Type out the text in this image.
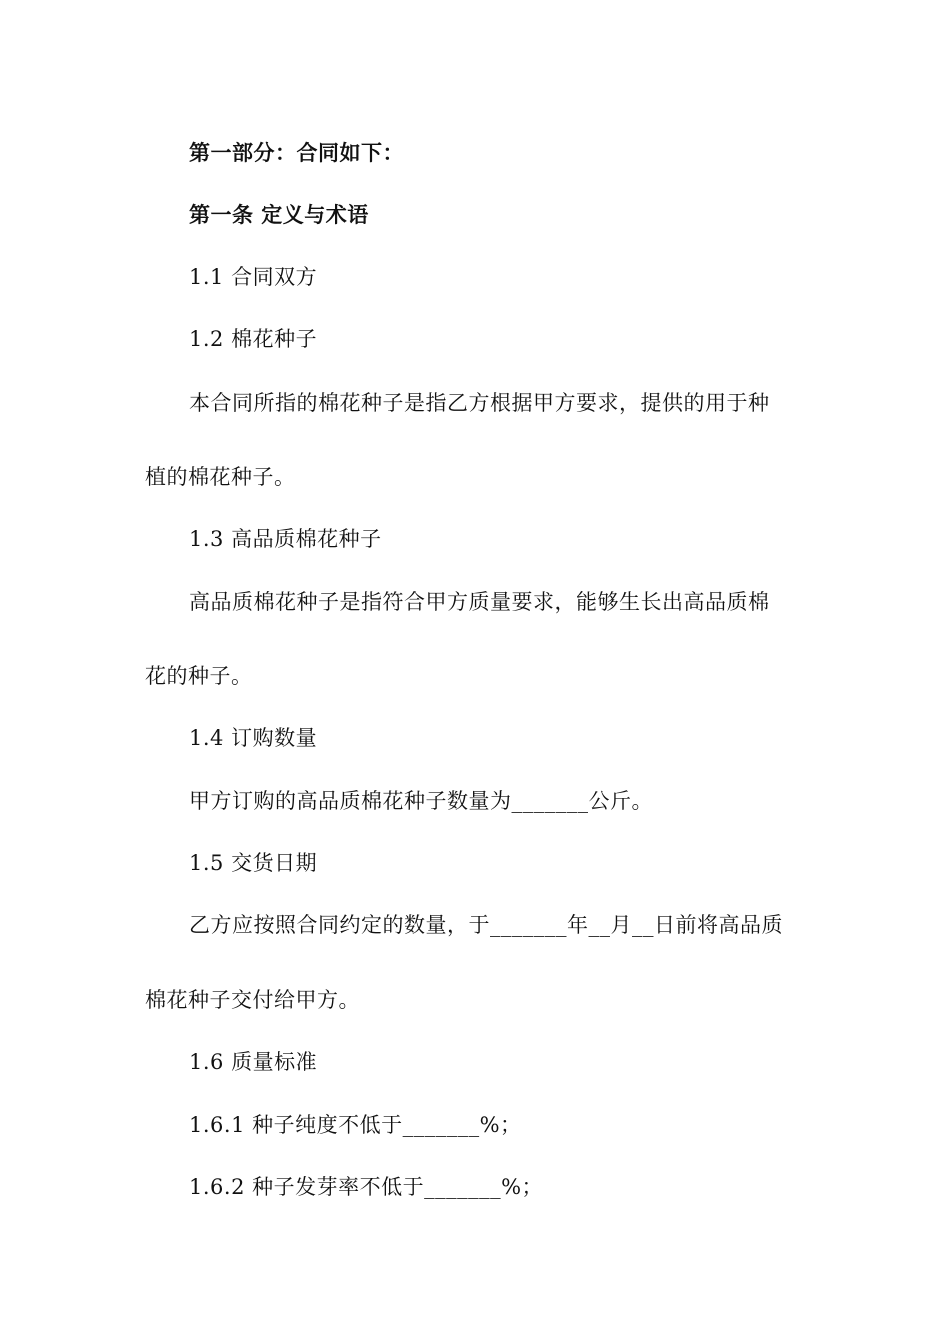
第一部分：合同如下：
第一条 定义与术语
1.1 合同双方
1.2 棉花种子
本合同所指的棉花种子是指乙方根据甲方要求，提供的用于种
植的棉花种子。
1.3 高品质棉花种子
高品质棉花种子是指符合甲方质量要求，能够生长出高品质棉
花的种子。
1.4 订购数量
甲方订购的高品质棉花种子数量为_______公斤。
1.5 交货日期
乙方应按照合同约定的数量，于_______年__月__日前将高品质
棉花种子交付给甲方。
1.6 质量标准
1.6.1 种子纯度不低于_______%；
1.6.2 种子发芽率不低于_______%；
